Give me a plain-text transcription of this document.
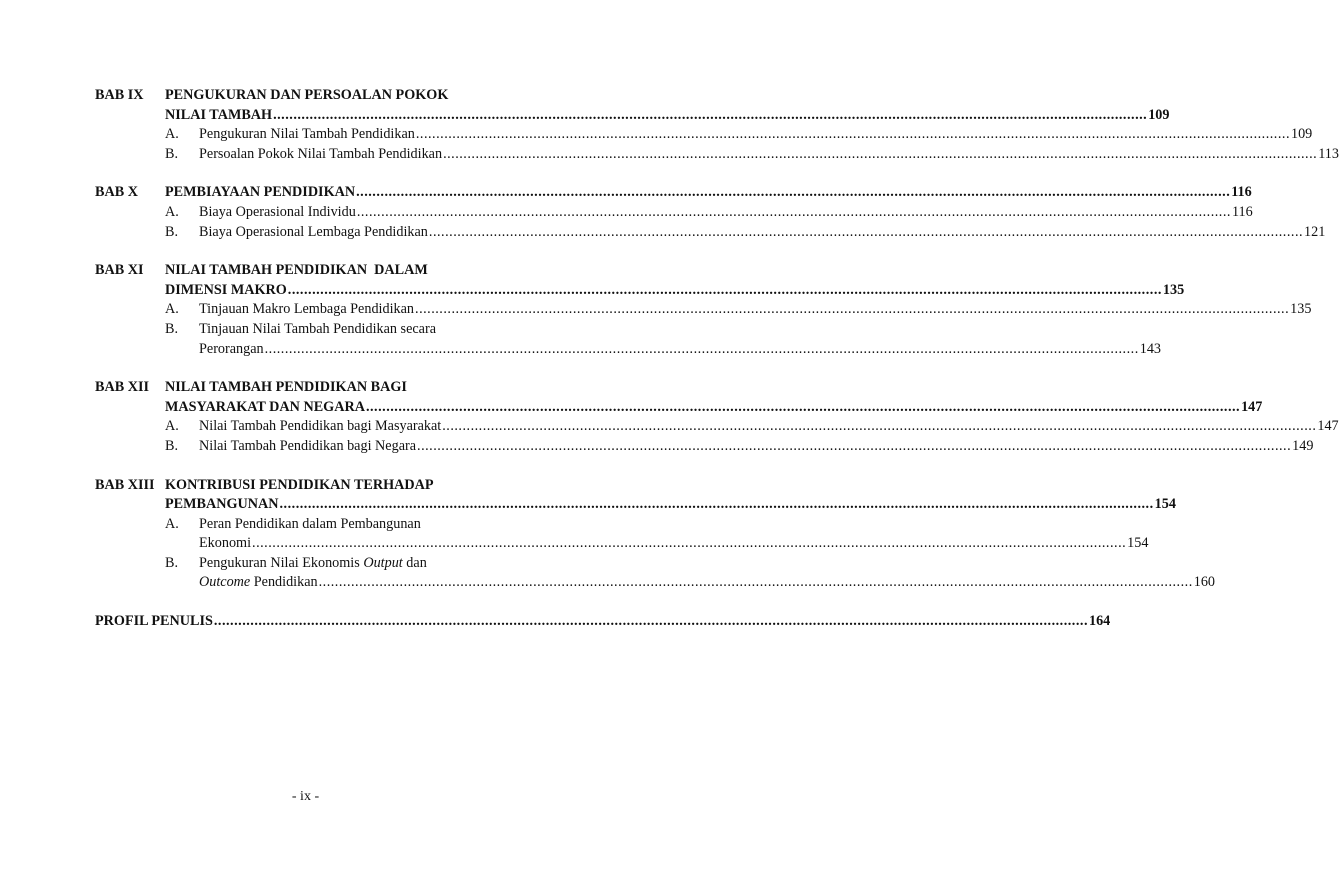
BAB IX PENGUKURAN DAN PERSOALAN POKOK
NILAI TAMBAH .....	109
A. Pengukuran Nilai Tambah Pendidikan .....	109
B. Persoalan Pokok Nilai Tambah Pendidikan .....	113
BAB X PEMBIAYAAN PENDIDIKAN .....	116
A. Biaya Operasional Individu .....	116
B. Biaya Operasional Lembaga Pendidikan .....	121
BAB XI NILAI TAMBAH PENDIDIKAN  DALAM
DIMENSI MAKRO .....	135
A. Tinjauan Makro Lembaga Pendidikan .....	135
B. Tinjauan Nilai Tambah Pendidikan secara
Perorangan .....	143
BAB XII NILAI TAMBAH PENDIDIKAN BAGI
MASYARAKAT DAN NEGARA .....	147
A. Nilai Tambah Pendidikan bagi Masyarakat .....	147
B. Nilai Tambah Pendidikan bagi Negara .....	149
BAB XIII KONTRIBUSI PENDIDIKAN TERHADAP
PEMBANGUNAN .....	154
A. Peran Pendidikan dalam Pembangunan
Ekonomi .....	154
B. Pengukuran Nilai Ekonomis Output dan
Outcome Pendidikan .....	160
PROFIL PENULIS .....	164
- ix -
